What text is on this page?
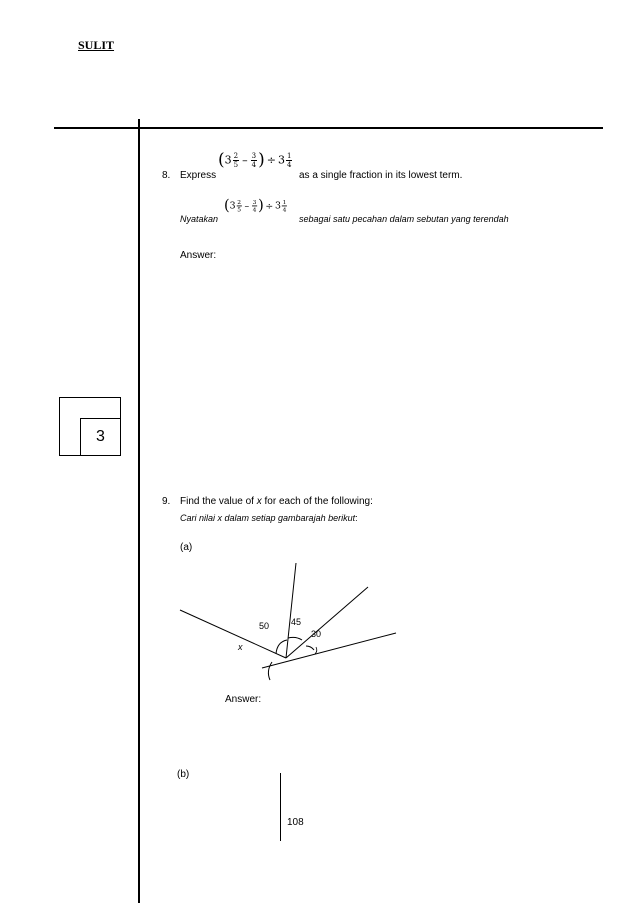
SULIT
3
8. Express
($3 \frac{2}{5} - \frac{3}{4}$ ) ÷ $3 \frac{1}{4}$
as a single fraction in its lowest term.
Nyatakan
($3 \frac{2}{5} - \frac{3}{4}$ ) ÷ $3 \frac{1}{4}$
sebagai satu pecahan dalam sebutan yang terendah
Answer:
9. Find the value of x for each of the following:
Cari nilai x dalam setiap gambarajah berikut:
(a)
50 45
30
x
Answer:
(b)
108
